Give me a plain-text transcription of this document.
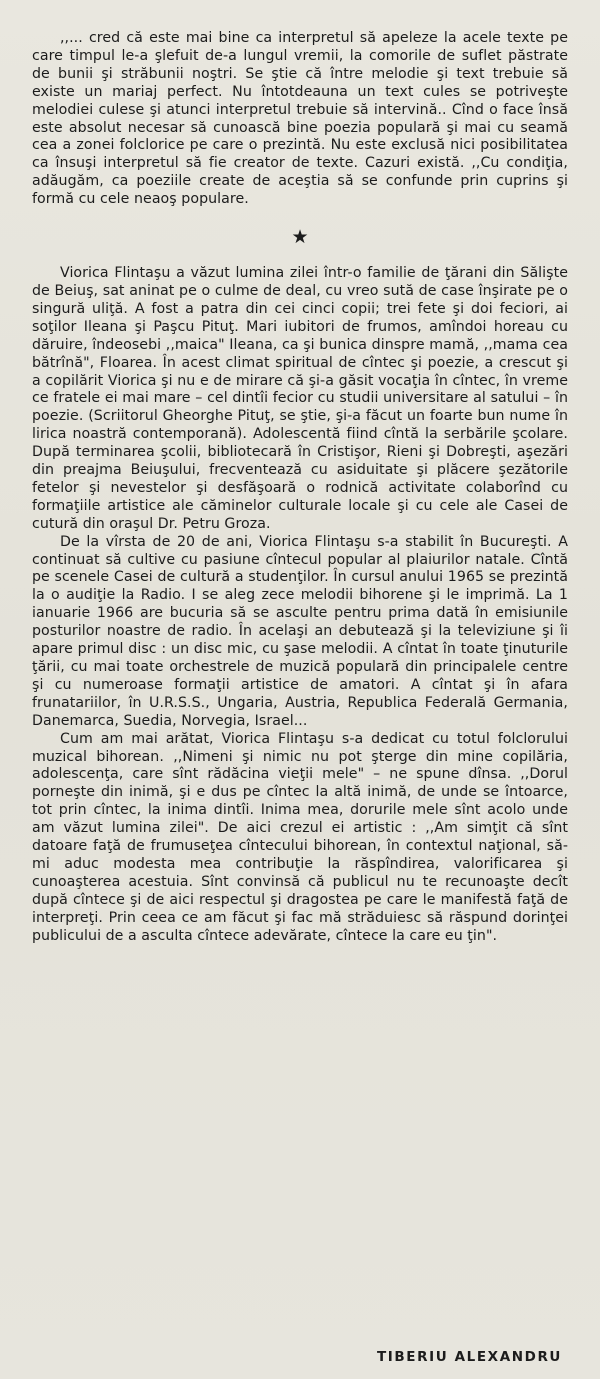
,,... cred că este mai bine ca interpretul să apeleze la acele texte pe care timpul le-a şlefuit de-a lungul vremii, la comorile de suflet păstrate de bunii şi străbunii noştri. Se ştie că între melodie şi text trebuie să existe un mariaj perfect. Nu întotdeauna un text cules se potriveşte melodiei culese şi atunci interpretul trebuie să intervină.. Cînd o face însă este absolut necesar să cunoască bine poezia populară şi mai cu seamă cea a zonei folclorice pe care o prezintă. Nu este exclusă nici posibilitatea ca însuşi interpretul să fie creator de texte. Cazuri există. ,,Cu condiţia, adăugăm, ca poeziile create de aceştia să se confunde prin cuprins şi formă cu cele neaoş populare.

★

Viorica Flintaşu a văzut lumina zilei într-o familie de ţărani din Sălişte de Beiuş, sat aninat pe o culme de deal, cu vreo sută de case înşirate pe o singură uliţă. A fost a patra din cei cinci copii; trei fete şi doi feciori, ai soţilor Ileana şi Paşcu Pituţ. Mari iubitori de frumos, amîndoi horeau cu dăruire, îndeosebi ,,maica" Ileana, ca şi bunica dinspre mamă, ,,mama cea bătrînă", Floarea. În acest climat spiritual de cîntec şi poezie, a crescut şi a copilărit Viorica şi nu e de mirare că şi-a găsit vocaţia în cîntec, în vreme ce fratele ei mai mare – cel dintîi fecior cu studii universitare al satului – în poezie. (Scriitorul Gheorghe Pituţ, se ştie, şi-a făcut un foarte bun nume în lirica noastră contemporană). Adolescentă fiind cîntă la serbările şcolare. După terminarea şcolii, bibliotecară în Cristişor, Rieni şi Dobreşti, aşezări din preajma Beiuşului, frecventează cu asiduitate şi plăcere şezătorile fetelor şi nevestelor şi desfăşoară o rodnică activitate colaborînd cu formaţiile artistice ale căminelor culturale locale şi cu cele ale Casei de cutură din oraşul Dr. Petru Groza.

De la vîrsta de 20 de ani, Viorica Flintaşu s-a stabilit în Bucureşti. A continuat să cultive cu pasiune cîntecul popular al plaiurilor natale. Cîntă pe scenele Casei de cultură a studenţilor. În cursul anului 1965 se prezintă la o audiţie la Radio. I se aleg zece melodii bihorene şi le imprimă. La 1 ianuarie 1966 are bucuria să se asculte pentru prima dată în emisiunile posturilor noastre de radio. În acelaşi an debutează şi la televiziune şi îi apare primul disc : un disc mic, cu şase melodii. A cîntat în toate ţinuturile ţării, cu mai toate orchestrele de muzică populară din principalele centre şi cu numeroase formaţii artistice de amatori. A cîntat şi în afara frunatariilor, în U.R.S.S., Ungaria, Austria, Republica Federală Germania, Danemarca, Suedia, Norvegia, Israel...

Cum am mai arătat, Viorica Flintaşu s-a dedicat cu totul folclorului muzical bihorean. ,,Nimeni şi nimic nu pot şterge din mine copilăria, adolescenţa, care sînt rădăcina vieţii mele" – ne spune dînsa. ,,Dorul porneşte din inimă, şi e dus pe cîntec la altă inimă, de unde se întoarce, tot prin cîntec, la inima dintîi. Inima mea, dorurile mele sînt acolo unde am văzut lumina zilei". De aici crezul ei artistic : ,,Am simţit că sînt datoare faţă de frumuseţea cîntecului bihorean, în contextul naţional, să-mi aduc modesta mea contribuţie la răspîndirea, valorificarea şi cunoaşterea acestuia. Sînt convinsă că publicul nu te recunoaşte decît după cîntece şi de aici respectul şi dragostea pe care le manifestă faţă de interpreţi. Prin ceea ce am făcut şi fac mă străduiesc să răspund dorinţei publicului de a asculta cîntece adevărate, cîntece la care eu ţin".

TIBERIU ALEXANDRU
